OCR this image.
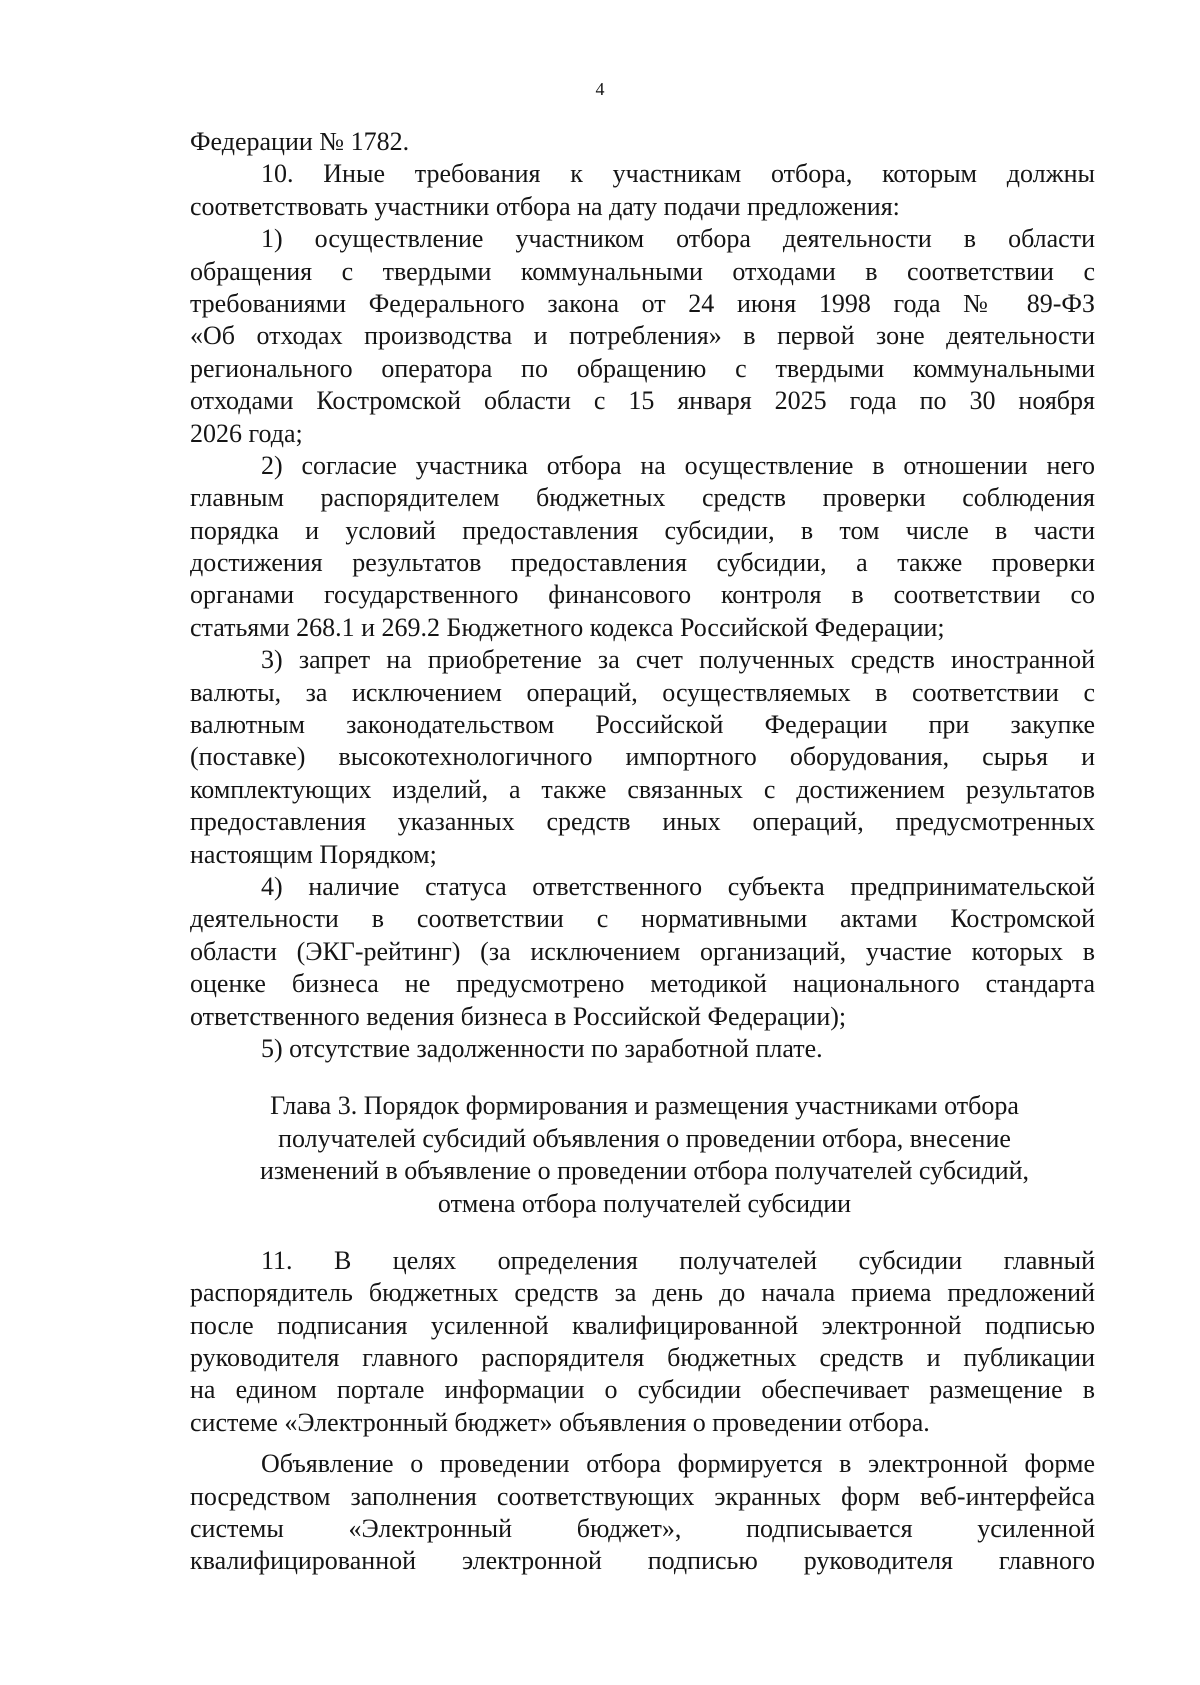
4
Федерации № 1782.
10. Иные требования к участникам отбора, которым должны
соответствовать участники отбора на дату подачи предложения:
1) осуществление участником отбора деятельности в области
обращения с твердыми коммунальными отходами в соответствии с
требованиями Федерального закона от 24 июня 1998 года № 89-ФЗ
«Об отходах производства и потребления» в первой зоне деятельности
регионального оператора по обращению с твердыми коммунальными
отходами Костромской области с 15 января 2025 года по 30 ноября
2026 года;
2) согласие участника отбора на осуществление в отношении него
главным распорядителем бюджетных средств проверки соблюдения
порядка и условий предоставления субсидии, в том числе в части
достижения результатов предоставления субсидии, а также проверки
органами государственного финансового контроля в соответствии со
статьями 268.1 и 269.2 Бюджетного кодекса Российской Федерации;
3) запрет на приобретение за счет полученных средств иностранной
валюты, за исключением операций, осуществляемых в соответствии с
валютным законодательством Российской Федерации при закупке
(поставке) высокотехнологичного импортного оборудования, сырья и
комплектующих изделий, а также связанных с достижением результатов
предоставления указанных средств иных операций, предусмотренных
настоящим Порядком;
4) наличие статуса ответственного субъекта предпринимательской
деятельности в соответствии с нормативными актами Костромской
области (ЭКГ-рейтинг) (за исключением организаций, участие которых в
оценке бизнеса не предусмотрено методикой национального стандарта
ответственного ведения бизнеса в Российской Федерации);
5) отсутствие задолженности по заработной плате.
Глава 3. Порядок формирования и размещения участниками отбора
получателей субсидий объявления о проведении отбора, внесение
изменений в объявление о проведении отбора получателей субсидий,
отмена отбора получателей субсидии
11. В целях определения получателей субсидии главный
распорядитель бюджетных средств за день до начала приема предложений
после подписания усиленной квалифицированной электронной подписью
руководителя главного распорядителя бюджетных средств и публикации
на едином портале информации о субсидии обеспечивает размещение в
системе «Электронный бюджет» объявления о проведении отбора.
Объявление о проведении отбора формируется в электронной форме
посредством заполнения соответствующих экранных форм веб-интерфейса
системы «Электронный бюджет», подписывается усиленной
квалифицированной электронной подписью руководителя главного
